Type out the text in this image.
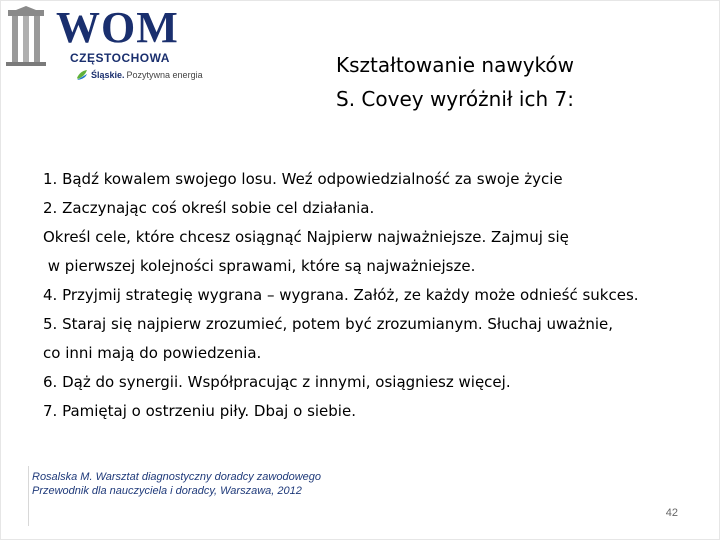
WOM
CZĘSTOCHOWA
Śląskie. Pozytywna energia	Kształtowanie nawyków
S. Covey wyróżnił ich 7:
1. Bądź kowalem swojego losu. Weź odpowiedzialność za swoje życie
2. Zaczynając coś określ sobie cel działania.
Określ cele, które chcesz osiągnąć Najpierw najważniejsze. Zajmuj się
w pierwszej kolejności sprawami, które są najważniejsze.
4. Przyjmij strategię wygrana – wygrana. Załóż, ze każdy może odnieść sukces.
5. Staraj się najpierw zrozumieć, potem być zrozumianym. Słuchaj uważnie,
co inni mają do powiedzenia.
6. Dąż do synergii. Współpracując z innymi, osiągniesz więcej.
7. Pamiętaj o ostrzeniu piły. Dbaj o siebie.
Rosalska M. Warsztat diagnostyczny doradcy zawodowego
Przewodnik dla nauczyciela i doradcy, Warszawa, 2012
42
